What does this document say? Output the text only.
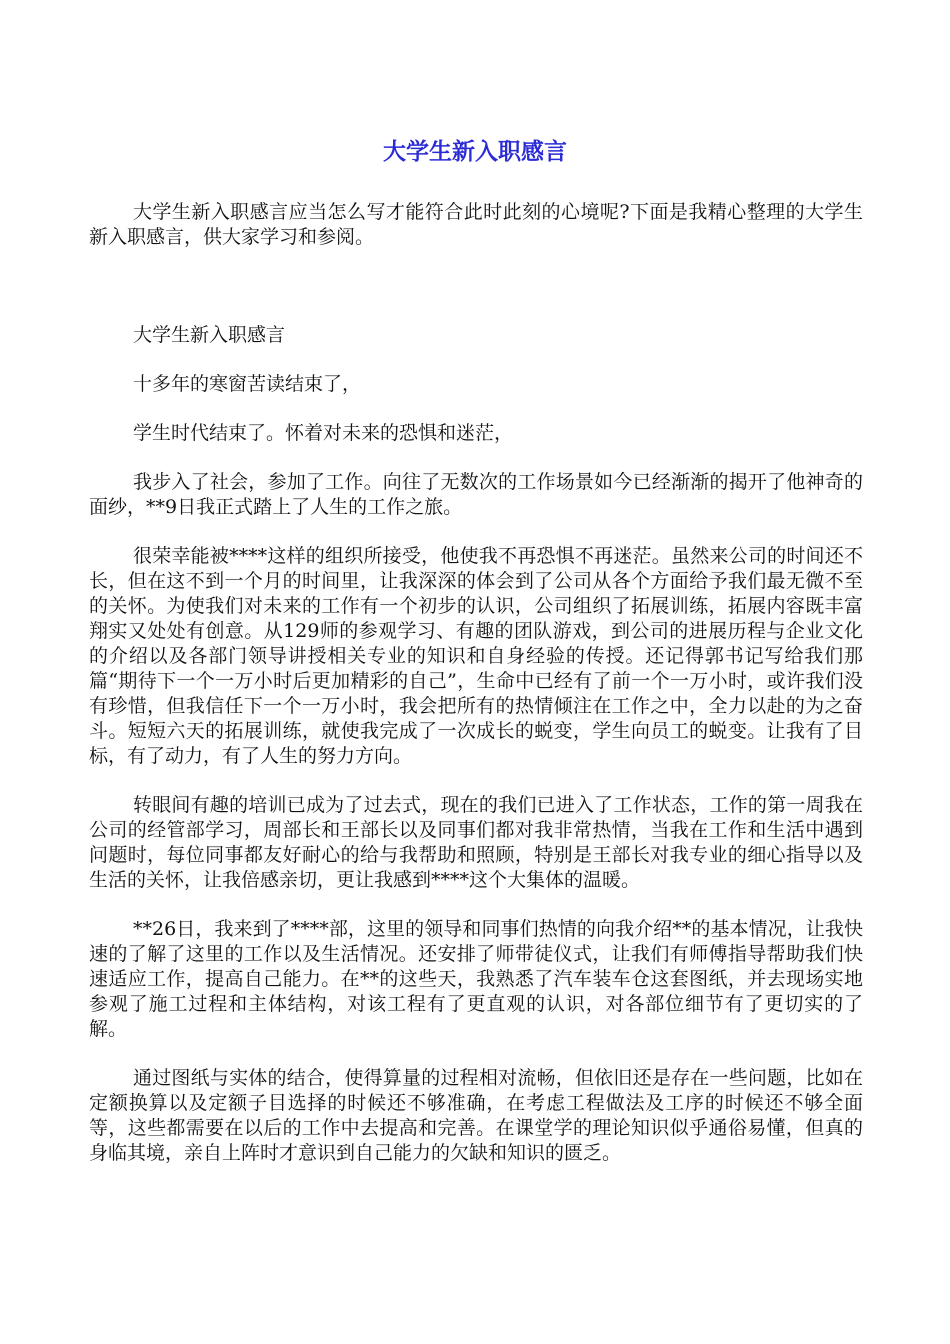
大学生新入职感言

大学生新入职感言应当怎么写才能符合此时此刻的心境呢?下面是我精心整理的大学生新入职感言，供大家学习和参阅。

大学生新入职感言

十多年的寒窗苦读结束了，

学生时代结束了。怀着对未来的恐惧和迷茫，

我步入了社会，参加了工作。向往了无数次的工作场景如今已经渐渐的揭开了他神奇的面纱，**9日我正式踏上了人生的工作之旅。

很荣幸能被****这样的组织所接受，他使我不再恐惧不再迷茫。虽然来公司的时间还不长，但在这不到一个月的时间里，让我深深的体会到了公司从各个方面给予我们最无微不至的关怀。为使我们对未来的工作有一个初步的认识，公司组织了拓展训练，拓展内容既丰富翔实又处处有创意。从129师的参观学习、有趣的团队游戏，到公司的进展历程与企业文化的介绍以及各部门领导讲授相关专业的知识和自身经验的传授。还记得郭书记写给我们那篇“期待下一个一万小时后更加精彩的自己”，生命中已经有了前一个一万小时，或许我们没有珍惜，但我信任下一个一万小时，我会把所有的热情倾注在工作之中，全力以赴的为之奋斗。短短六天的拓展训练，就使我完成了一次成长的蜕变，学生向员工的蜕变。让我有了目标，有了动力，有了人生的努力方向。

转眼间有趣的培训已成为了过去式，现在的我们已进入了工作状态，工作的第一周我在公司的经管部学习，周部长和王部长以及同事们都对我非常热情，当我在工作和生活中遇到问题时，每位同事都友好耐心的给与我帮助和照顾，特别是王部长对我专业的细心指导以及生活的关怀，让我倍感亲切，更让我感到****这个大集体的温暖。

**26日，我来到了****部，这里的领导和同事们热情的向我介绍**的基本情况，让我快速的了解了这里的工作以及生活情况。还安排了师带徒仪式，让我们有师傅指导帮助我们快速适应工作，提高自己能力。在**的这些天，我熟悉了汽车装车仓这套图纸，并去现场实地参观了施工过程和主体结构，对该工程有了更直观的认识，对各部位细节有了更切实的了解。

通过图纸与实体的结合，使得算量的过程相对流畅，但依旧还是存在一些问题，比如在定额换算以及定额子目选择的时候还不够准确，在考虑工程做法及工序的时候还不够全面等，这些都需要在以后的工作中去提高和完善。在课堂学的理论知识似乎通俗易懂，但真的身临其境，亲自上阵时才意识到自己能力的欠缺和知识的匮乏。
